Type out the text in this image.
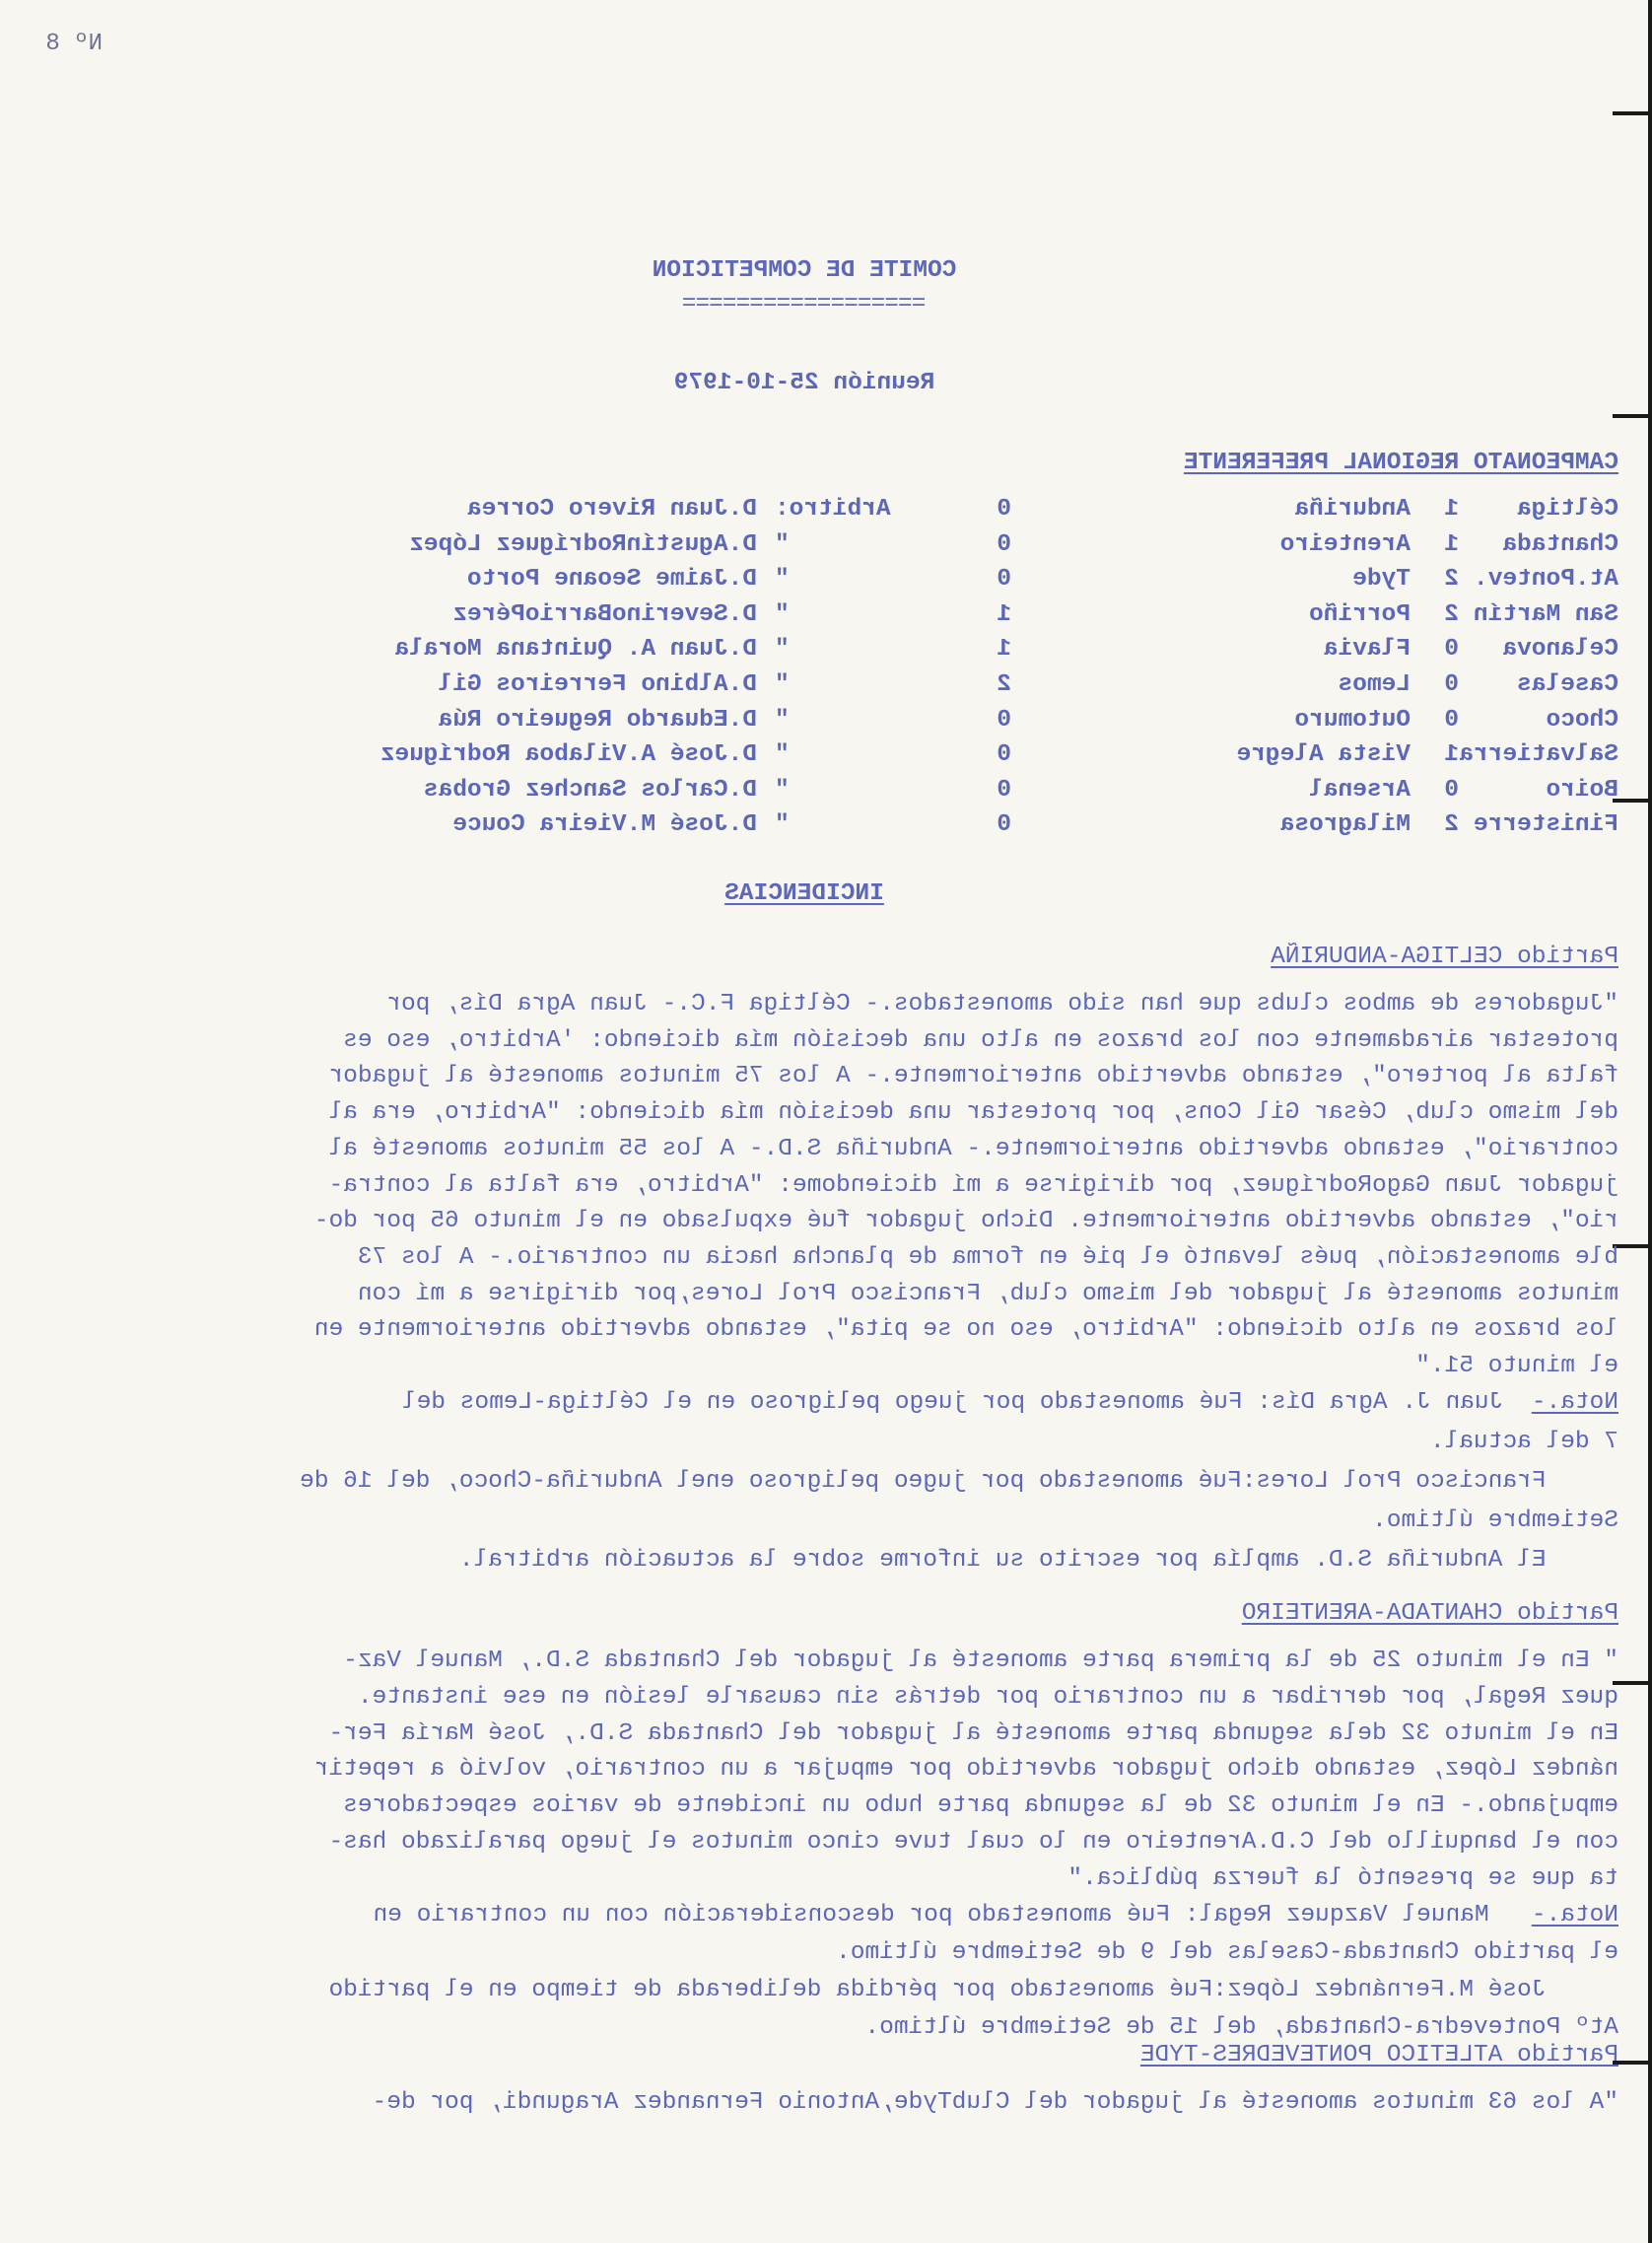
Nº 8
COMITE DE COMPETICION
==================
Reunión 25-10-1979
CAMPEONATO REGIONAL PREFERENTE
Céltiga
1
Anduriña
0
Arbitro:
D.Juan Rivero Correa
Chantada
1
Arenteiro
0
"
D.AgustínRodríguez López
At.Pontev.
2
Tyde
0
"
D.Jaime Seoane Porto
San Martín
2
Porriño
1
"
D.SeverinoBarrioPérez
Celanova
0
Flavia
1
"
D.Juan A. Quintana Morala
Caselas
0
Lemos
2
"
D.Albino Ferreiros Gil
Choco
0
Outomuro
0
"
D.Eduardo Regueiro Rúa
Salvatierra
1
Vista Alegre
0
"
D.José A.Vilaboa Rodríguez
Boiro
0
Arsenal
0
"
D.Carlos Sanchez Grobas
Finisterre
2
Milagrosa
0
"
D.José M.Vieira Couce
INCIDENCIAS
Partido CELTIGA-ANDURIÑA
"Jugadores de ambos clubs que han sido amonestados.- Céltiga F.C.- Juan Agra Dís, por
protestar airadamente con los brazos en alto una decisión mía diciendo: 'Arbitro, eso es
falta al portero", estando advertido anteriormente.- A los 75 minutos amonesté al jugador
del mismo club, César Gil Cons, por protestar una decisión mía diciendo: "Arbitro, era al
contrario", estando advertido anteriormente.- Anduriña S.D.- A los 55 minutos amonesté al
jugador Juan GagoRodríguez, por dirigirse a mí diciendome: "Arbitro, era falta al contra-
rio", estando advertido anteriormente. Dicho jugador fué expulsado en el minuto 65 por do-
ble amonestación, pués levantó el pié en forma de plancha hacia un contrario.- A los 73
minutos amonesté al jugador del mismo club, Francisco Prol Lores,por dirigirse a mí con
los brazos en alto diciendo: "Arbitro, eso no se pita", estando advertido anteriormente en
el minuto 51."
Nota.-
Juan J. Agra Dís: Fué amonestado por juego peligroso en el Céltiga-Lemos del
7 del actual.
Francisco Prol Lores:Fué amonestado por jugeo peligroso enel Anduriña-Choco, del 16 de
Setiembre último.
El Anduriña S.D. amplía por escrito su informe sobre la actuación arbitral.
Partido CHANTADA-ARENTEIRO
" En el minuto 25 de la primera parte amonesté al jugador del Chantada S.D., Manuel Vaz-
quez Regal, por derribar a un contrario por detrás sin causarle lesión en ese instante.
En el minuto 32 dela segunda parte amonesté al jugador del Chantada S.D., José María Fer-
nández López, estando dicho jugador advertido por empujar a un contrario, volvió a repetir
empujando.- En el minuto 32 de la segunda parte hubo un incidente de varios espectadores
con el banquillo del C.D.Arenteiro en lo cual tuve cinco minutos el juego paralizado has-
ta que se presentó la fuerza pública."
Nota.-
Manuel Vazquez Regal: Fué amonestado por desconsideración con un contrario en
el partido Chantada-Caselas del 9 de Setiembre último.
José M.Fernández López:Fué amonestado por pérdida deliberada de tiempo en el partido
Atº Pontevedra-Chantada, del 15 de Setiembre último.
Partido ATLETICO PONTEVEDRES-TYDE
"A los 63 minutos amonesté al jugador del ClubTyde,Antonio Fernandez Aragundi, por de-
